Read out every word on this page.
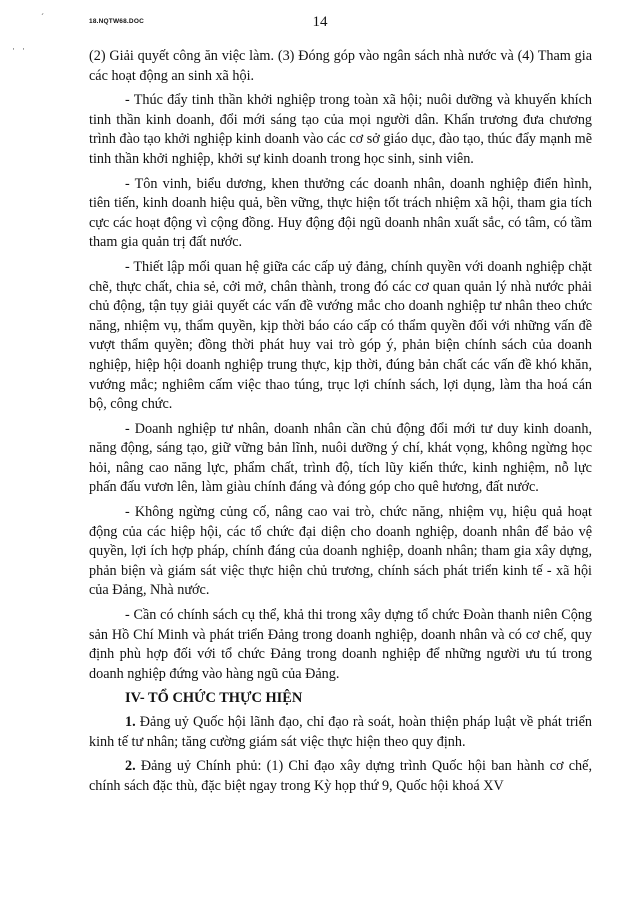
ˊ
· ·
18.NQTW68.DOC	14

(2) Giải quyết công ăn việc làm. (3) Đóng góp vào ngân sách nhà nước và (4) Tham gia các hoạt động an sinh xã hội.

- Thúc đẩy tinh thần khởi nghiệp trong toàn xã hội; nuôi dưỡng và khuyến khích tinh thần kinh doanh, đổi mới sáng tạo của mọi người dân. Khẩn trương đưa chương trình đào tạo khởi nghiệp kinh doanh vào các cơ sở giáo dục, đào tạo, thúc đẩy mạnh mẽ tinh thần khởi nghiệp, khởi sự kinh doanh trong học sinh, sinh viên.

- Tôn vinh, biểu dương, khen thưởng các doanh nhân, doanh nghiệp điển hình, tiên tiến, kinh doanh hiệu quả, bền vững, thực hiện tốt trách nhiệm xã hội, tham gia tích cực các hoạt động vì cộng đồng. Huy động đội ngũ doanh nhân xuất sắc, có tâm, có tầm tham gia quản trị đất nước.

- Thiết lập mối quan hệ giữa các cấp uỷ đảng, chính quyền với doanh nghiệp chặt chẽ, thực chất, chia sẻ, cởi mở, chân thành, trong đó các cơ quan quản lý nhà nước phải chủ động, tận tụy giải quyết các vấn đề vướng mắc cho doanh nghiệp tư nhân theo chức năng, nhiệm vụ, thẩm quyền, kịp thời báo cáo cấp có thẩm quyền đối với những vấn đề vượt thẩm quyền; đồng thời phát huy vai trò góp ý, phản biện chính sách của doanh nghiệp, hiệp hội doanh nghiệp trung thực, kịp thời, đúng bản chất các vấn đề khó khăn, vướng mắc; nghiêm cấm việc thao túng, trục lợi chính sách, lợi dụng, làm tha hoá cán bộ, công chức.

- Doanh nghiệp tư nhân, doanh nhân cần chủ động đổi mới tư duy kinh doanh, năng động, sáng tạo, giữ vững bản lĩnh, nuôi dưỡng ý chí, khát vọng, không ngừng học hỏi, nâng cao năng lực, phẩm chất, trình độ, tích lũy kiến thức, kinh nghiệm, nỗ lực phấn đấu vươn lên, làm giàu chính đáng và đóng góp cho quê hương, đất nước.

- Không ngừng củng cố, nâng cao vai trò, chức năng, nhiệm vụ, hiệu quả hoạt động của các hiệp hội, các tổ chức đại diện cho doanh nghiệp, doanh nhân để bảo vệ quyền, lợi ích hợp pháp, chính đáng của doanh nghiệp, doanh nhân; tham gia xây dựng, phản biện và giám sát việc thực hiện chủ trương, chính sách phát triển kinh tế - xã hội của Đảng, Nhà nước.

- Cần có chính sách cụ thể, khả thi trong xây dựng tổ chức Đoàn thanh niên Cộng sản Hồ Chí Minh và phát triển Đảng trong doanh nghiệp, doanh nhân và có cơ chế, quy định phù hợp đối với tổ chức Đảng trong doanh nghiệp để những người ưu tú trong doanh nghiệp đứng vào hàng ngũ của Đảng.

IV- TỔ CHỨC THỰC HIỆN

1. Đảng uỷ Quốc hội lãnh đạo, chỉ đạo rà soát, hoàn thiện pháp luật về phát triển kinh tế tư nhân; tăng cường giám sát việc thực hiện theo quy định.

2. Đảng uỷ Chính phủ: (1) Chỉ đạo xây dựng trình Quốc hội ban hành cơ chế, chính sách đặc thù, đặc biệt ngay trong Kỳ họp thứ 9, Quốc hội khoá XV
